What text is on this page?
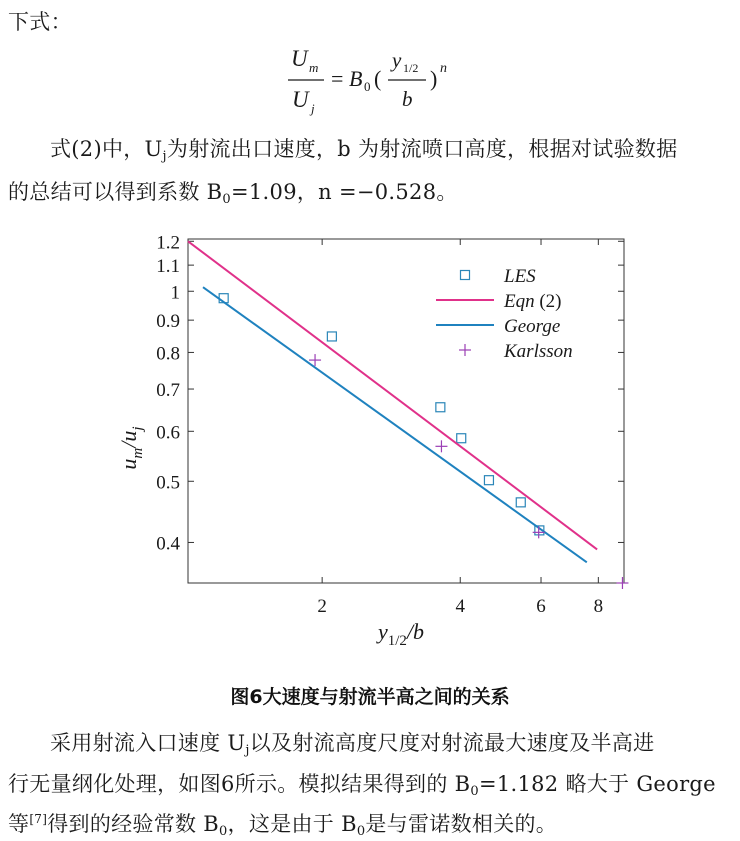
下式：
U m
U j
= B 0 (
y 1/2
b
) n
式(2)中，$U_j$为射流出口速度，b 为射流喷口高度，根据对试验数据
的总结可以得到系数 $B_0=1.09$，n =−0.528。
0.4
0.5
0.6
0.7
0.8
0.9
1
1.1
1.2
2	4	6	8
LES
Eqn (2)
George
Karlsson
$y_{1/2}/b$
$u_m/u_j$
图6大速度与射流半高之间的关系
采用射流入口速度 $U_j$以及射流高度尺度对射流最大速度及半高进
行无量纲化处理，如图6所示。模拟结果得到的 $B_0=1.182$ 略大于 George
等[7]得到的经验常数 $B_0$，这是由于 $B_0$是与雷诺数相关的。
